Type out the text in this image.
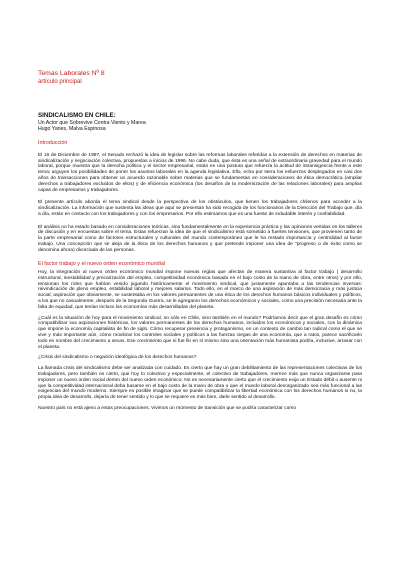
Temas Laborales Nº 8

artículo principal

SINDICALISMO EN CHILE:

Un Actor que Sobrevive Contra Viento y Marea

Hugo Yanes, Malva Espinosa

Introducción

El 16 de Diciembre de 1997, el Senado rechazó la idea de legislar sobre las reformas laborales referidas a la extensión de derechos en materias de sindicalización y negociación colectiva, propuestas a inicios de 1996. No cabe duda, que ésta es una señal de extraordinaria gravedad para el mundo laboral, porque muestra que la derecha política y el sector empresarial, están en una postura que refuerza la actitud de intransigencia frente a este tema; arguyen los posibilidades de poner los asuntos laborales en la agenda legislativa. Ello, echa por tierra los esfuerzos desplegados en casi dos años de transacciones para obtener un acuerdo razonable sobre materias que se fundamentan en consideraciones de ética democrática (ampliar derechos a trabajadores excluidos de ellos) y de eficiencia económica (los desafíos de la modernización de las relaciones laborales) para amplias capas de empresarios y trabajadores.

El presente artículo aborda el tema sindical desde la perspectiva de los obstáculos, que tienen los trabajadores chilenos para acceder a la sindicalización. La información que sustenta las ideas que aquí se presentan ha sido recogida de los funcionarios de la Dirección del Trabajo que, día a día, están en contacto con los trabajadores y con los empresarios. Por ello estimamos que es una fuente de indudable interés y confiabilidad.

El análisis no ha estado basado en consideraciones teóricas, sino fundamentalmente en la experiencia práctica y las opiniones vertidas en los talleres de discusión y en encuestas sobre el tema. Estas refuerzan la idea de que el sindicalismo está sometido a fuertes tensiones, que provienen tanto de la parte empresarial como de factores estructurales y culturales del mundo contemporáneo que le ha restado importancia y centralidad al factor trabajo. Una concepción que se aleja de la ética de los derechos humanos y que pretende imponer una idea de "progreso o de éxito como se denomina ahora) divorciada de las personas.

El factor trabajo y el nuevo orden económico mundial

Hoy, la integración al nuevo orden económico mundial impone nuevas reglas que afectan de manera sustantiva al factor trabajo ( desarrollo estructural, inestabilidad y precarización del empleo, competitividad económica basada en el bajo costo de la mano de obra, entre otros) y por ello, tensionan los roles que habían venido jugando históricamente el movimiento sindical, que justamente apuntaba a las tendencias inversas: reivindicación de pleno empleo, estabilidad laboral y mejores salarios. Todo ello, en el marco de una aspiración de más democracia y más justicia social; aspiración que obviamente, se sustentaba en los valores permanentes de una ética de los derechos humanos básicos individuales y políticos, a los que no casualmente, después de la Segunda Guerra, se le agregaron los derechos económicos y sociales, como una precisión necesaria ante la falta de equidad, que tenían incluso las economías más desarrolladas del planeta.

¿Cuál es la situación de hoy para el movimiento sindical, no sólo en Chile, sino también en el mundo? Podríamos decir que el gran desafío es cómo compatibilizar sus aspiraciones históricas, los valores permanentes de los derechos humanos, incluidos los económicos y sociales, con la dinámica que impone la economía capitalista de fin de siglo. Cómo recuperar presencia y protagonismo, en un contexto de cambio tan radical como el que se vive y más importante aún, cómo movilizar los controles sociales y políticos a las fuerzas ciegas de una economía, que a ratos, parece sacrificarlo todo en nombre del crecimiento a secas. Ese crecimiento que ni fue fin en sí mismo sino una orientación más humanista podría, inclusive, arrasar con el planeta.

¿Crisis del sindicalismo o negación ideológica de los derechos humanos?

La llamada crisis del sindicalismo debe ser analizada con cuidado. Es cierto que hay un gran debilitamiento de las representaciones colectivas de los trabajadores, pero también es cierto, que hoy lo colectivo y especialmente, el colectivo de trabajadores, merece más que nunca organizarse para imponer un nuevo orden social dentro del nuevo orden económico. No es necesariamente cierto que el crecimiento exija un Estado débil o ausente ni que la competitividad internacional deba basarse en el bajo costo de la mano de obra o que el mundo laboral desorganizado sea más funcional a las exigencias del mundo moderno. Siempre es posible imaginar que se puede compatibilizar la libertad económica con los derechos humanos si no, la propia idea de desarrollo, dejaría de tener sentido y lo que se requiere es más bien, darle sentido al desarrollo.

Nuestro país no está ajeno a estas preocupaciones. Vivimos un momento de transición que se podría caracterizar como
